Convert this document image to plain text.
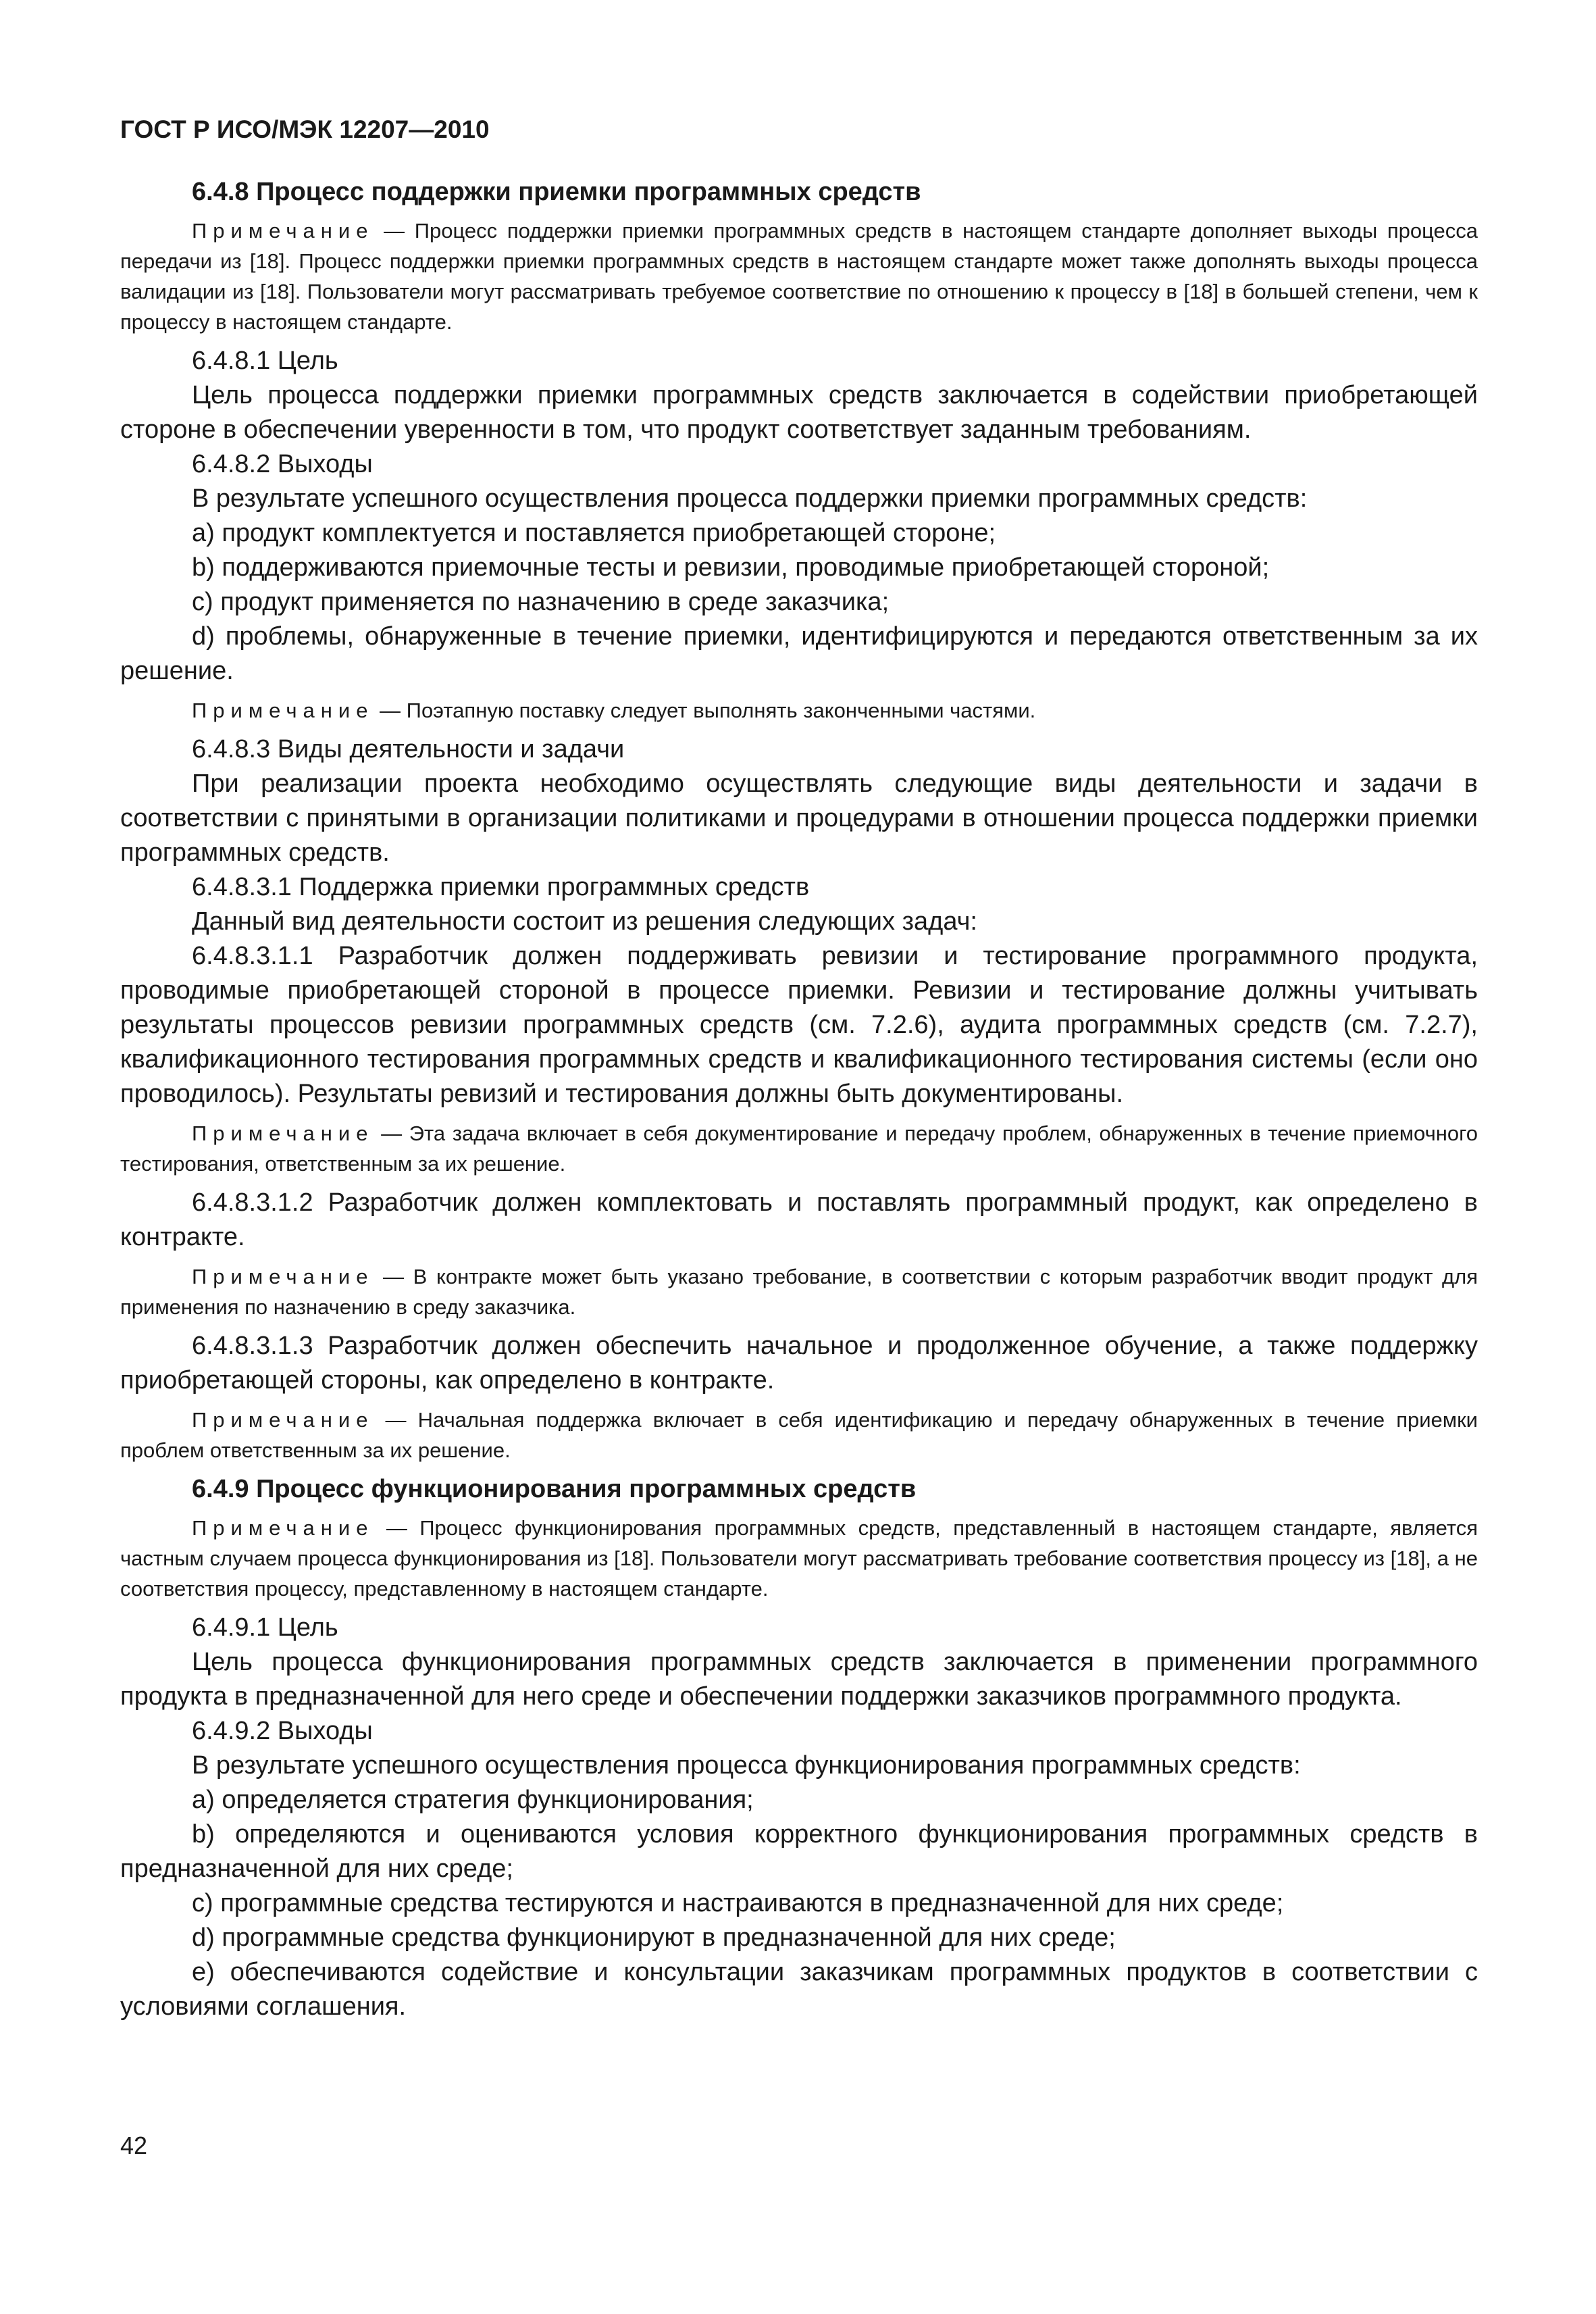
ГОСТ Р ИСО/МЭК 12207—2010
6.4.8 Процесс поддержки приемки программных средств
Примечание — Процесс поддержки приемки программных средств в настоящем стандарте дополняет выходы процесса передачи из [18]. Процесс поддержки приемки программных средств в настоящем стандарте может также дополнять выходы процесса валидации из [18]. Пользователи могут рассматривать требуемое соответствие по отношению к процессу в [18] в большей степени, чем к процессу в настоящем стандарте.
6.4.8.1 Цель
Цель процесса поддержки приемки программных средств заключается в содействии приобретающей стороне в обеспечении уверенности в том, что продукт соответствует заданным требованиям.
6.4.8.2 Выходы
В результате успешного осуществления процесса поддержки приемки программных средств:
a) продукт комплектуется и поставляется приобретающей стороне;
b) поддерживаются приемочные тесты и ревизии, проводимые приобретающей стороной;
c) продукт применяется по назначению в среде заказчика;
d) проблемы, обнаруженные в течение приемки, идентифицируются и передаются ответственным за их решение.
Примечание — Поэтапную поставку следует выполнять законченными частями.
6.4.8.3 Виды деятельности и задачи
При реализации проекта необходимо осуществлять следующие виды деятельности и задачи в соответствии с принятыми в организации политиками и процедурами в отношении процесса поддержки приемки программных средств.
6.4.8.3.1 Поддержка приемки программных средств
Данный вид деятельности состоит из решения следующих задач:
6.4.8.3.1.1 Разработчик должен поддерживать ревизии и тестирование программного продукта, проводимые приобретающей стороной в процессе приемки. Ревизии и тестирование должны учитывать результаты процессов ревизии программных средств (см. 7.2.6), аудита программных средств (см. 7.2.7), квалификационного тестирования программных средств и квалификационного тестирования системы (если оно проводилось). Результаты ревизий и тестирования должны быть документированы.
Примечание — Эта задача включает в себя документирование и передачу проблем, обнаруженных в течение приемочного тестирования, ответственным за их решение.
6.4.8.3.1.2 Разработчик должен комплектовать и поставлять программный продукт, как определено в контракте.
Примечание — В контракте может быть указано требование, в соответствии с которым разработчик вводит продукт для применения по назначению в среду заказчика.
6.4.8.3.1.3 Разработчик должен обеспечить начальное и продолженное обучение, а также поддержку приобретающей стороны, как определено в контракте.
Примечание — Начальная поддержка включает в себя идентификацию и передачу обнаруженных в течение приемки проблем ответственным за их решение.
6.4.9 Процесс функционирования программных средств
Примечание — Процесс функционирования программных средств, представленный в настоящем стандарте, является частным случаем процесса функционирования из [18]. Пользователи могут рассматривать требование соответствия процессу из [18], а не соответствия процессу, представленному в настоящем стандарте.
6.4.9.1 Цель
Цель процесса функционирования программных средств заключается в применении программного продукта в предназначенной для него среде и обеспечении поддержки заказчиков программного продукта.
6.4.9.2 Выходы
В результате успешного осуществления процесса функционирования программных средств:
a) определяется стратегия функционирования;
b) определяются и оцениваются условия корректного функционирования программных средств в предназначенной для них среде;
c) программные средства тестируются и настраиваются в предназначенной для них среде;
d) программные средства функционируют в предназначенной для них среде;
e) обеспечиваются содействие и консультации заказчикам программных продуктов в соответствии с условиями соглашения.
42
